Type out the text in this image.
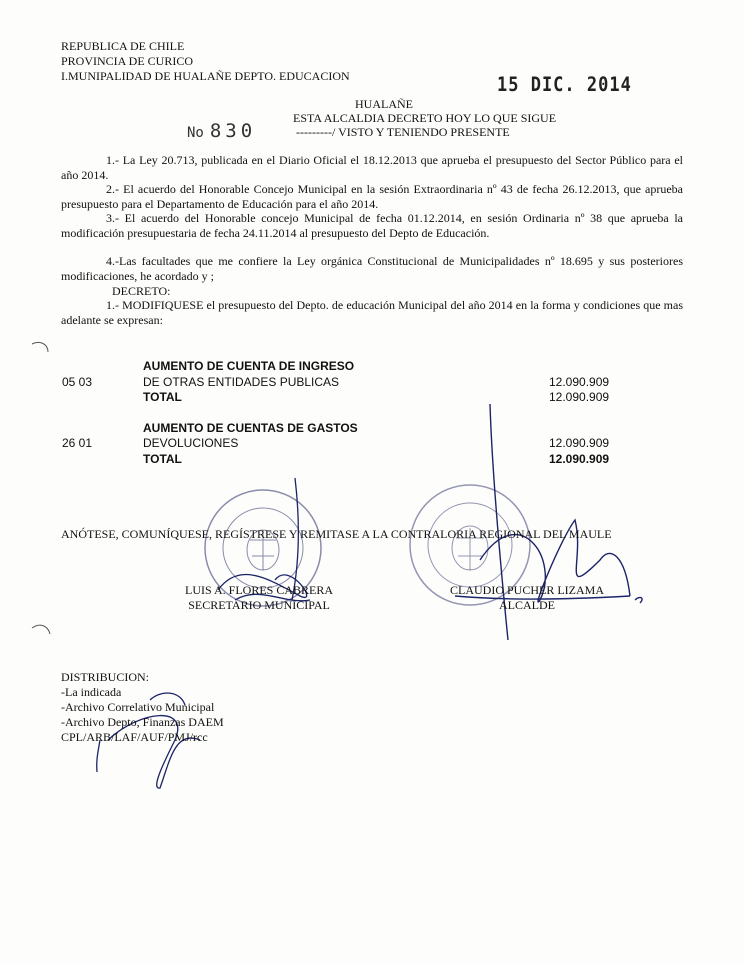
REPUBLICA DE CHILE
PROVINCIA DE CURICO
I.MUNIPALIDAD DE HUALAÑE DEPTO. EDUCACION	15 DIC. 2014
HUALAÑE
ESTA ALCALDIA DECRETO HOY LO QUE SIGUE
No 830	---------/ VISTO Y TENIENDO PRESENTE
1.- La Ley 20.713, publicada en el Diario Oficial el 18.12.2013 que aprueba el presupuesto del Sector Público para el año 2014.
2.- El acuerdo del Honorable Concejo Municipal en la sesión Extraordinaria nº 43 de fecha 26.12.2013, que aprueba presupuesto para el Departamento de Educación para el año 2014.
3.- El acuerdo del Honorable concejo Municipal de fecha 01.12.2014, en sesión Ordinaria nº 38 que aprueba la modificación presupuestaria de fecha 24.11.2014 al presupuesto del Depto de Educación.
4.-Las facultades que me confiere la Ley orgánica Constitucional de Municipalidades nº 18.695 y sus posteriores modificaciones, he acordado y ;
DECRETO:
1.- MODIFIQUESE el presupuesto del Depto. de educación Municipal del año 2014 en la forma y condiciones que mas adelante se expresan:
AUMENTO DE CUENTA DE INGRESO
05 03	DE OTRAS ENTIDADES PUBLICAS	12.090.909
TOTAL	12.090.909
AUMENTO DE CUENTAS DE GASTOS
26 01	DEVOLUCIONES	12.090.909
TOTAL	12.090.909
ANÓTESE, COMUNÍQUESE, REGÍSTRESE Y REMITASE A LA CONTRALORIA REGIONAL DEL MAULE
LUIS A. FLORES CABRERA
SECRETARIO MUNICIPAL
CLAUDIO PUCHER LIZAMA
ALCALDE
DISTRIBUCION:
-La indicada
-Archivo Correlativo Municipal
-Archivo Depto, Finanzas DAEM
CPL/ARB/LAF/AUF/PMJ/rcc
